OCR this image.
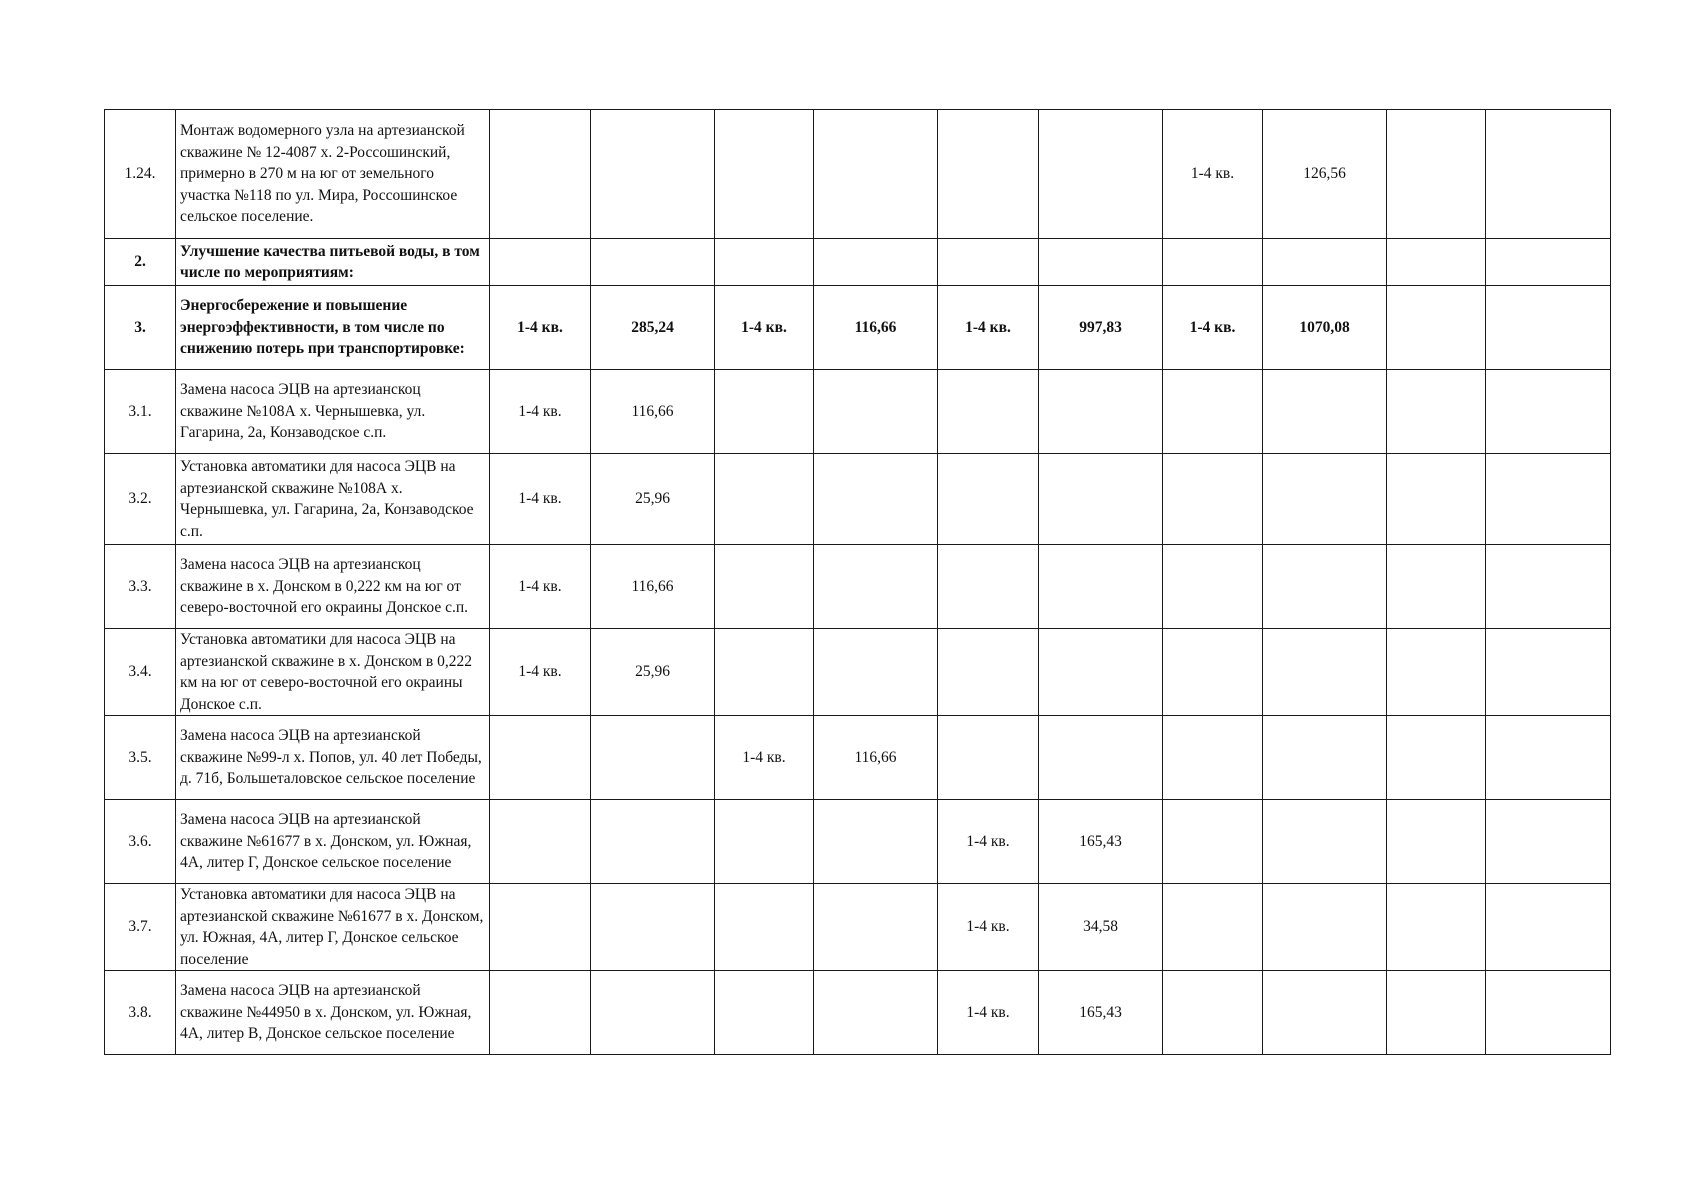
1.24.	Монтаж водомерного узла на артезианской скважине № 12-4087 х. 2-Россошинский, примерно в 270 м на юг от земельного участка №118 по ул. Мира, Россошинское сельское поселение.							1-4 кв.	126,56		
2.	Улучшение качества питьевой воды, в том числе по мероприятиям:										
3.	Энергосбережение и повышение энергоэффективности, в том числе по снижению потерь при транспортировке:	1-4 кв.	285,24	1-4 кв.	116,66	1-4 кв.	997,83	1-4 кв.	1070,08		
3.1.	Замена насоса ЭЦВ на артезианскоц скважине №108А х. Чернышевка, ул. Гагарина, 2а, Конзаводское с.п.	1-4 кв.	116,66								
3.2.	Установка автоматики для насоса ЭЦВ на артезианской скважине №108А х. Чернышевка, ул. Гагарина, 2а, Конзаводское с.п.	1-4 кв.	25,96								
3.3.	Замена насоса ЭЦВ на артезианскоц скважине в х. Донском в 0,222 км на юг от северо-восточной его окраины Донское с.п.	1-4 кв.	116,66								
3.4.	Установка автоматики для насоса ЭЦВ на артезианской скважине в х. Донском в 0,222 км на юг от северо-восточной его окраины Донское с.п.	1-4 кв.	25,96								
3.5.	Замена насоса ЭЦВ на артезианской скважине №99-л х. Попов, ул. 40 лет Победы, д. 71б, Большеталовское сельское поселение			1-4 кв.	116,66						
3.6.	Замена насоса ЭЦВ на артезианской скважине №61677 в х. Донском, ул. Южная, 4А, литер Г, Донское сельское поселение					1-4 кв.	165,43				
3.7.	Установка автоматики для насоса ЭЦВ на артезианской скважине №61677 в х. Донском, ул. Южная, 4А, литер Г, Донское сельское поселение					1-4 кв.	34,58				
3.8.	Замена насоса ЭЦВ на артезианской скважине №44950 в х. Донском, ул. Южная, 4А, литер В, Донское сельское поселение					1-4 кв.	165,43				
